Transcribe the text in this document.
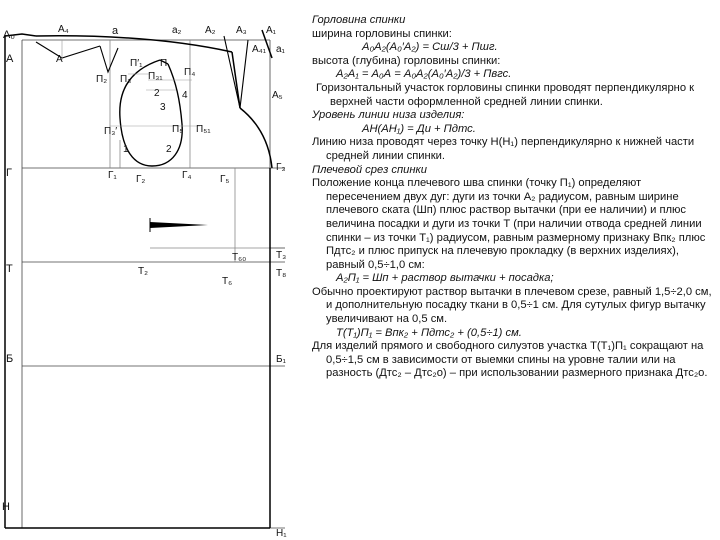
А₀
А
А₄
А
а	а₂ А₂ А₃ А₁
а₁
А₄₁
А₅
П₂
П′₁ П
П₄
П₃₁
П₃
2
3
4
П₃′	П₅ П₅₁
1	2
Г	Г₁ Г₂	Г₄	Г₅
Г₃
Т₆₀
Т	Т₂
Т₆
Т₃
Т₈
Б	Б₁
Н
Н₁

Горловина спинки

ширина горловины спинки:

А₀А₂(А₀′А₂) = Сш/3 + Пшг.

высота (глубина) горловины спинки:

А₂А₁ = А₀А = А₀А₂(А₀′А₂)/3 + Пвгс.

Горизонтальный участок горловины спинки проводят перпендикулярно к верхней части оформленной средней линии спинки.

Уровень линии низа изделия:

АН(АН₁) = Ди + Пдтс.

Линию низа проводят через точку Н(Н₁) перпендикулярно к нижней части средней линии спинки.

Плечевой срез спинки

Положение конца плечевого шва спинки (точку П₁) определяют пересечением двух дуг: дуги из точки А₂ радиусом, равным ширине плечевого ската (Шп) плюс раствор вытачки (при ее наличии) и плюс величина посадки и дуги из точки Т (при наличии отвода средней линии спинки – из точки Т₁) радиусом, равным размерному признаку Впк₂ плюс Пдтс₂ и плюс припуск на плечевую прокладку (в верхних изделиях), равный 0,5÷1,0 см:

А₂П₁ = Шп + раствор вытачки + посадка;

Обычно проектируют раствор вытачки в плечевом срезе, равный 1,5÷2,0 см, и дополнительную посадку ткани в 0,5÷1 см. Для сутулых фигур вытачку увеличивают на 0,5 см.

Т(Т₁)П₁ = Впк₂ + Пдтс₂ + (0,5÷1) см.

Для изделий прямого и свободного силуэтов участка Т(Т₁)П₁ сокращают на 0,5÷1,5 см в зависимости от выемки спины на уровне талии или на разность (Дтс₂ – Дтс₂о) – при использовании размерного признака Дтс₂о.
